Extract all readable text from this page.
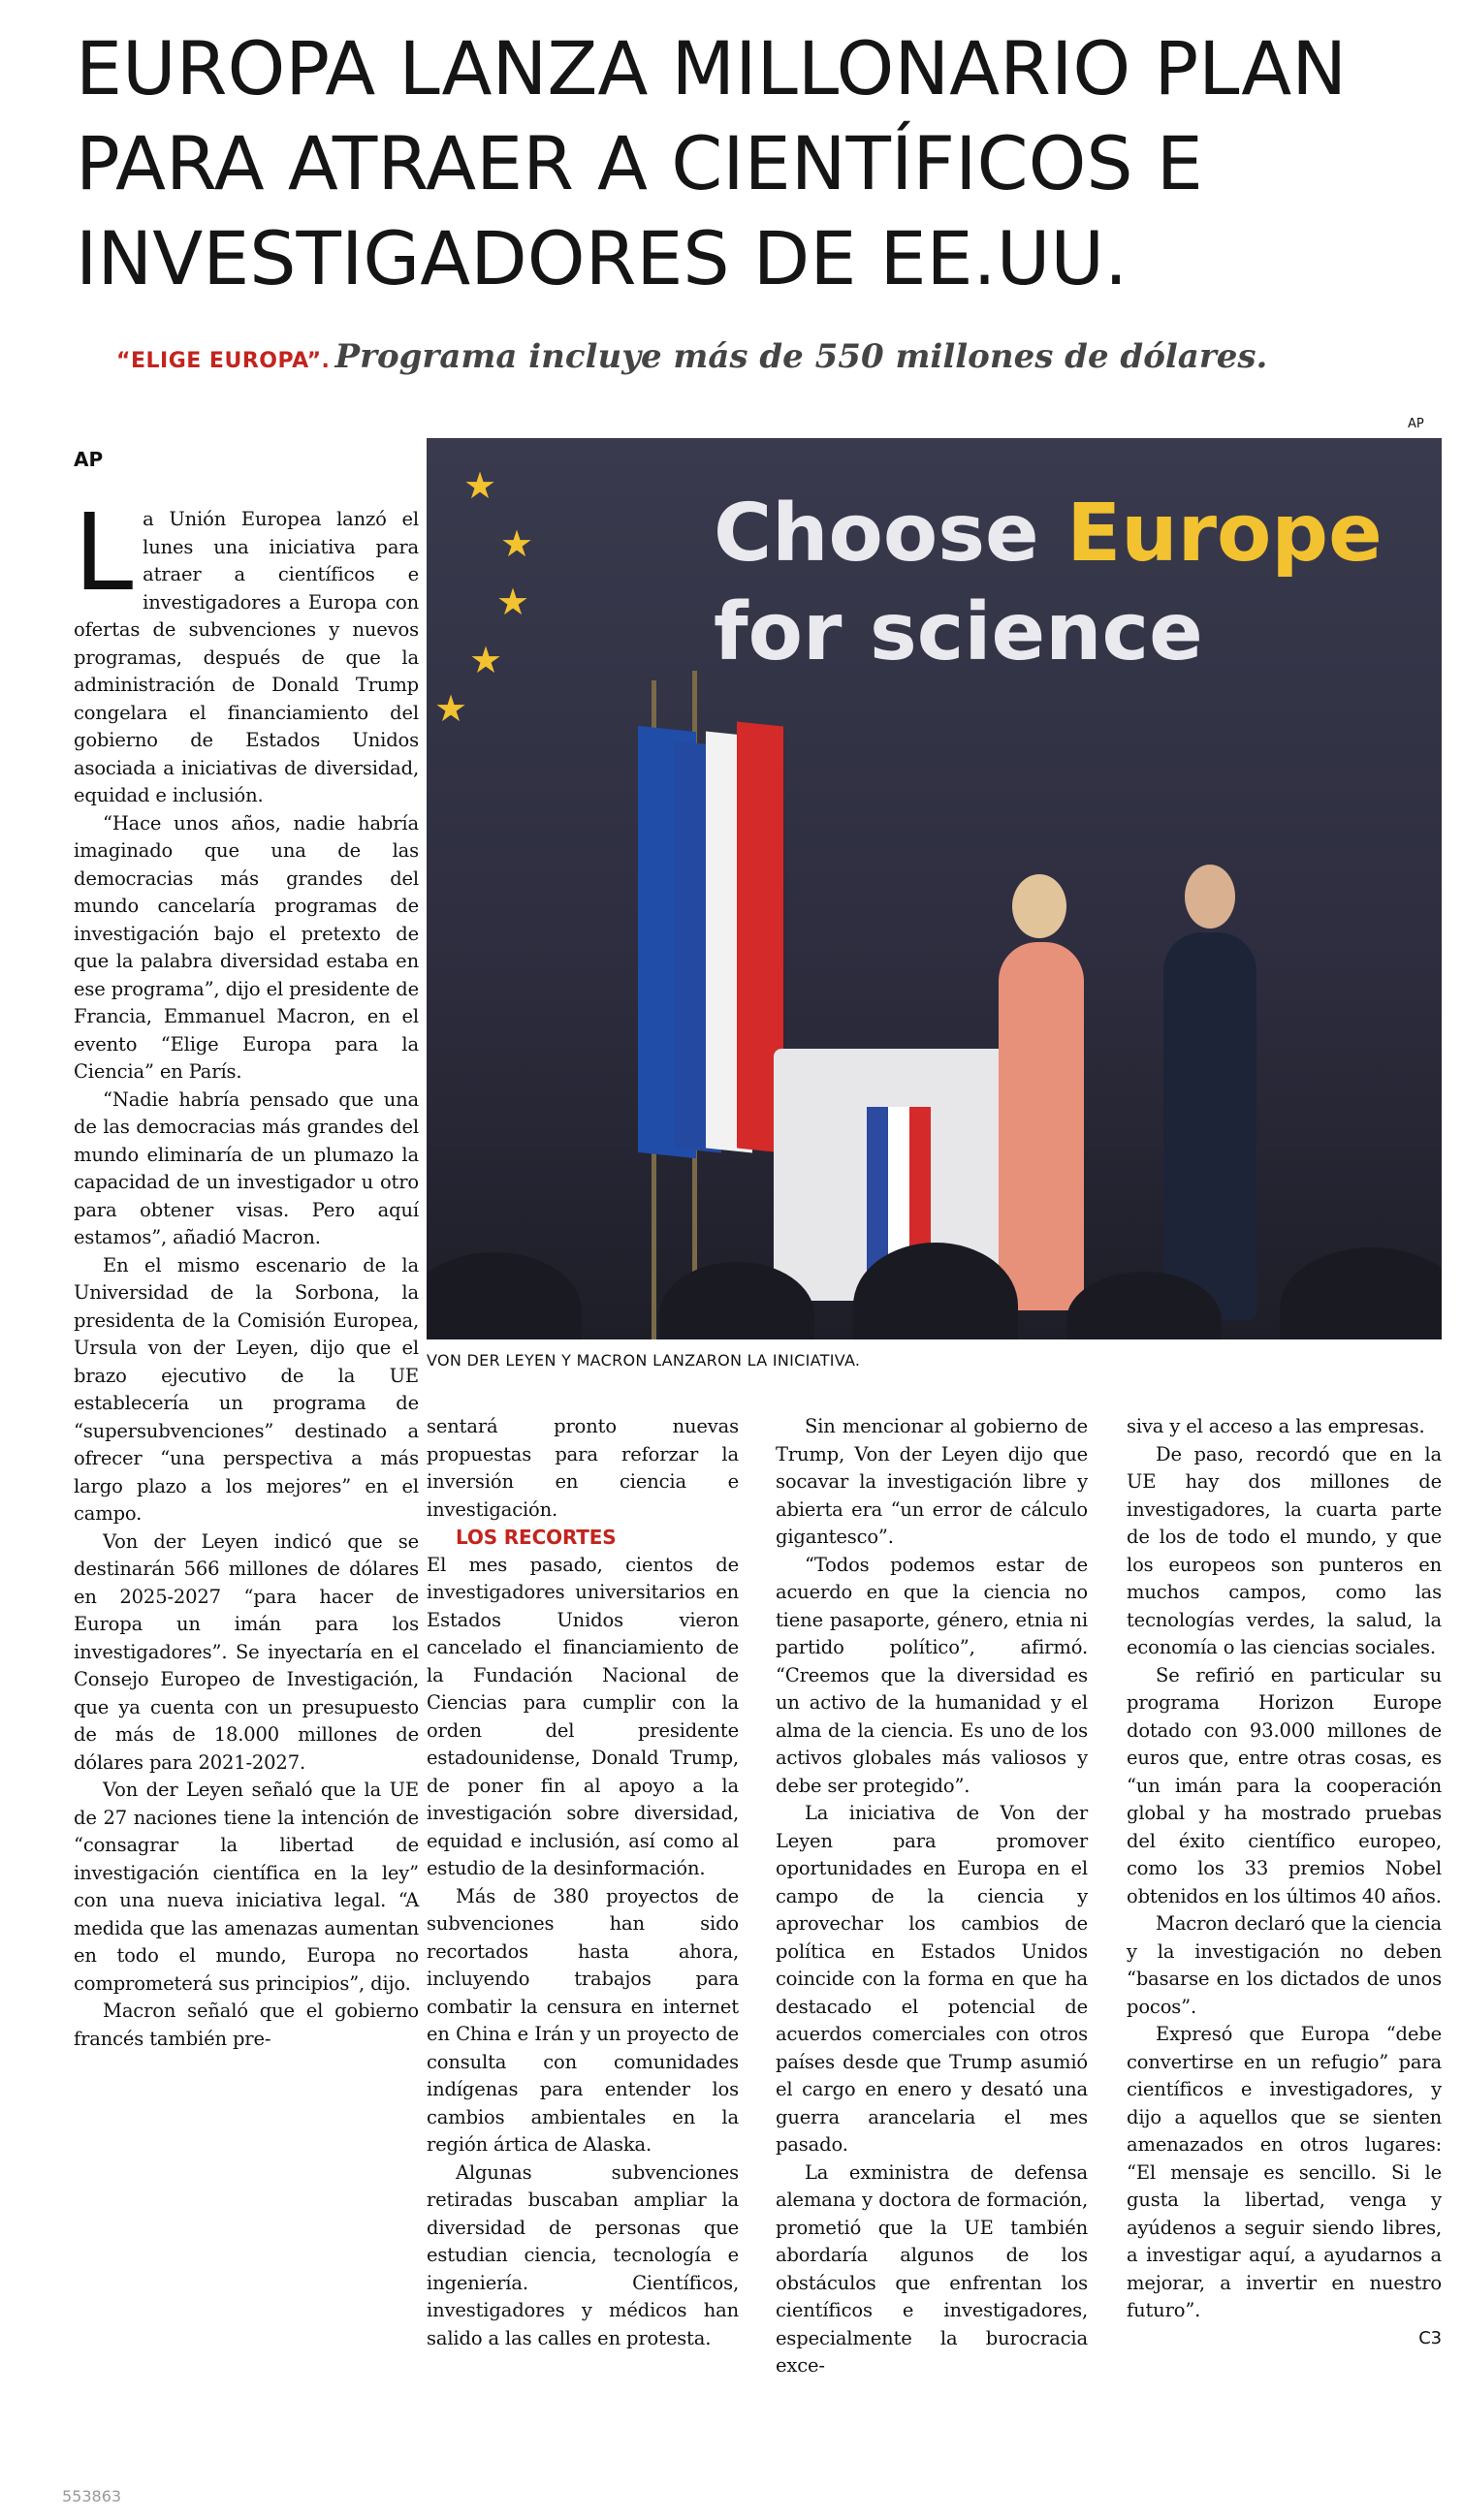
EUROPA LANZA MILLONARIO PLAN PARA ATRAER A CIENTÍFICOS E INVESTIGADORES DE EE.UU.
“ELIGE EUROPA”. Programa incluye más de 550 millones de dólares.
AP
AP
★
★
★
★
★

Choose Europe
for science

VON DER LEYEN Y MACRON LANZARON LA INICIATIVA.

La Unión Europea lanzó el lunes una iniciativa para atraer a científicos e investigadores a Europa con ofertas de subvenciones y nuevos programas, después de que la administración de Donald Trump congelara el financiamiento del gobierno de Estados Unidos asociada a iniciativas de diversidad, equidad e inclusión.

“Hace unos años, nadie habría imaginado que una de las democracias más grandes del mundo cancelaría programas de investigación bajo el pretexto de que la palabra diversidad estaba en ese programa”, dijo el presidente de Francia, Emmanuel Macron, en el evento “Elige Europa para la Ciencia” en París.

“Nadie habría pensado que una de las democracias más grandes del mundo eliminaría de un plumazo la capacidad de un investigador u otro para obtener visas. Pero aquí estamos”, añadió Macron.

En el mismo escenario de la Universidad de la Sorbona, la presidenta de la Comisión Europea, Ursula von der Leyen, dijo que el brazo ejecutivo de la UE establecería un programa de “supersubvenciones” destinado a ofrecer “una perspectiva a más largo plazo a los mejores” en el campo.

Von der Leyen indicó que se destinarán 566 millones de dólares en 2025-2027 “para hacer de Europa un imán para los investigadores”. Se inyectaría en el Consejo Europeo de Investigación, que ya cuenta con un presupuesto de más de 18.000 millones de dólares para 2021-2027.

Von der Leyen señaló que la UE de 27 naciones tiene la intención de “consagrar la libertad de investigación científica en la ley” con una nueva iniciativa legal. “A medida que las amenazas aumentan en todo el mundo, Europa no comprometerá sus principios”, dijo.

Macron señaló que el gobierno francés también pre-

sentará pronto nuevas propuestas para reforzar la inversión en ciencia e investigación.

LOS RECORTES

El mes pasado, cientos de investigadores universitarios en Estados Unidos vieron cancelado el financiamiento de la Fundación Nacional de Ciencias para cumplir con la orden del presidente estadounidense, Donald Trump, de poner fin al apoyo a la investigación sobre diversidad, equidad e inclusión, así como al estudio de la desinformación.

Más de 380 proyectos de subvenciones han sido recortados hasta ahora, incluyendo trabajos para combatir la censura en internet en China e Irán y un proyecto de consulta con comunidades indígenas para entender los cambios ambientales en la región ártica de Alaska.

Algunas subvenciones retiradas buscaban ampliar la diversidad de personas que estudian ciencia, tecnología e ingeniería. Científicos, investigadores y médicos han salido a las calles en protesta.

Sin mencionar al gobierno de Trump, Von der Leyen dijo que socavar la investigación libre y abierta era “un error de cálculo gigantesco”.

“Todos podemos estar de acuerdo en que la ciencia no tiene pasaporte, género, etnia ni partido político”, afirmó. “Creemos que la diversidad es un activo de la humanidad y el alma de la ciencia. Es uno de los activos globales más valiosos y debe ser protegido”.

La iniciativa de Von der Leyen para promover oportunidades en Europa en el campo de la ciencia y aprovechar los cambios de política en Estados Unidos coincide con la forma en que ha destacado el potencial de acuerdos comerciales con otros países desde que Trump asumió el cargo en enero y desató una guerra arancelaria el mes pasado.

La exministra de defensa alemana y doctora de formación, prometió que la UE también abordaría algunos de los obstáculos que enfrentan los científicos e investigadores, especialmente la burocracia exce-

siva y el acceso a las empresas.

De paso, recordó que en la UE hay dos millones de investigadores, la cuarta parte de los de todo el mundo, y que los europeos son punteros en muchos campos, como las tecnologías verdes, la salud, la economía o las ciencias sociales.

Se refirió en particular su programa Horizon Europe dotado con 93.000 millones de euros que, entre otras cosas, es “un imán para la cooperación global y ha mostrado pruebas del éxito científico europeo, como los 33 premios Nobel obtenidos en los últimos 40 años.

Macron declaró que la ciencia y la investigación no deben “basarse en los dictados de unos pocos”.

Expresó que Europa “debe convertirse en un refugio” para científicos e investigadores, y dijo a aquellos que se sienten amenazados en otros lugares: “El mensaje es sencillo. Si le gusta la libertad, venga y ayúdenos a seguir siendo libres, a investigar aquí, a ayudarnos a mejorar, a invertir en nuestro futuro”.

C3

553863
